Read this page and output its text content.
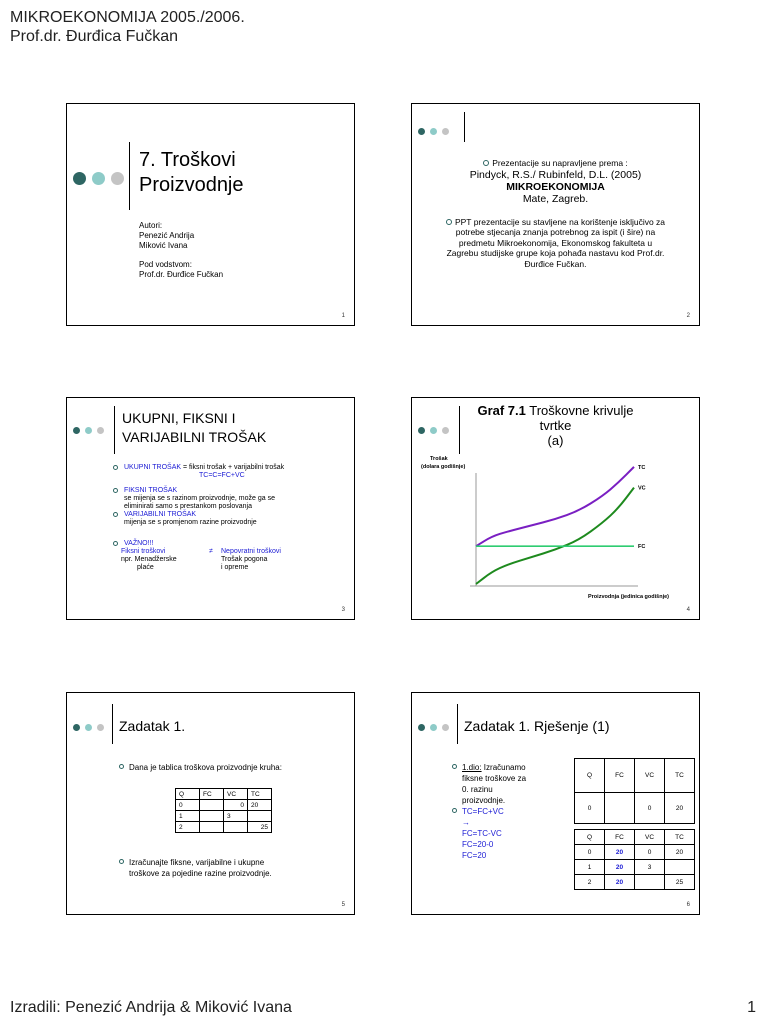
MIKROEKONOMIJA 2005./2006.
Prof.dr. Đurđica Fučkan
7. Troškovi
Proizvodnje
Autori:
Penezić Andrija
Miković Ivana
Pod vodstvom:
Prof.dr. Đurđice Fučkan
1
Prezentacije su napravljene prema :
Pindyck, R.S./ Rubinfeld, D.L. (2005)
MIKROEKONOMIJA
Mate, Zagreb.
PPT prezentacije su stavljene na korištenje isključivo za
potrebe stjecanja znanja potrebnog za ispit (i šire) na
predmetu Mikroekonomija, Ekonomskog fakulteta u
Zagrebu studijske grupe koja pohađa nastavu kod Prof.dr.
Đurđice Fučkan.
2
UKUPNI, FIKSNI I
VARIJABILNI TROŠAK
UKUPNI TROŠAK = fiksni trošak + varijabilni trošak
TC=C=FC+VC
FIKSNI TROŠAK
se mijenja se s razinom proizvodnje, može ga se
eliminirati samo s prestankom poslovanja
VARIJABILNI TROŠAK
mijenja se s promjenom razine proizvodnje
VAŽNO!!!
Fiksni troškovi	≠	Nepovratni troškovi
npr. Menadžerske	Trošak pogona
plaće	i opreme
3
Graf 7.1 Troškovne krivulje
tvrtke
(a)
Trošak
(dolara godišnje)
Proizvodnja (jedinica godišnje)
TC
VC
FC
4
Zadatak 1.
Dana je tablica troškova proizvodnje kruha:
Izračunajte fiksne, varijabilne i ukupne
troškove za pojedine razine proizvodnje.
Q	FC	VC	TC
0		0	20
1		3	
2			25
5
Zadatak 1. Rješenje (1)
1.dio: Izračunamo
fiksne troškove za
0. razinu
proizvodnje.
TC=FC+VC
→
FC=TC-VC
FC=20-0
FC=20
Q	FC	VC	TC
0		0	20
Q	FC	VC	TC
0	20	0	20
1	20	3	
2	20		25
6
Izradili: Penezić Andrija & Miković Ivana	1
